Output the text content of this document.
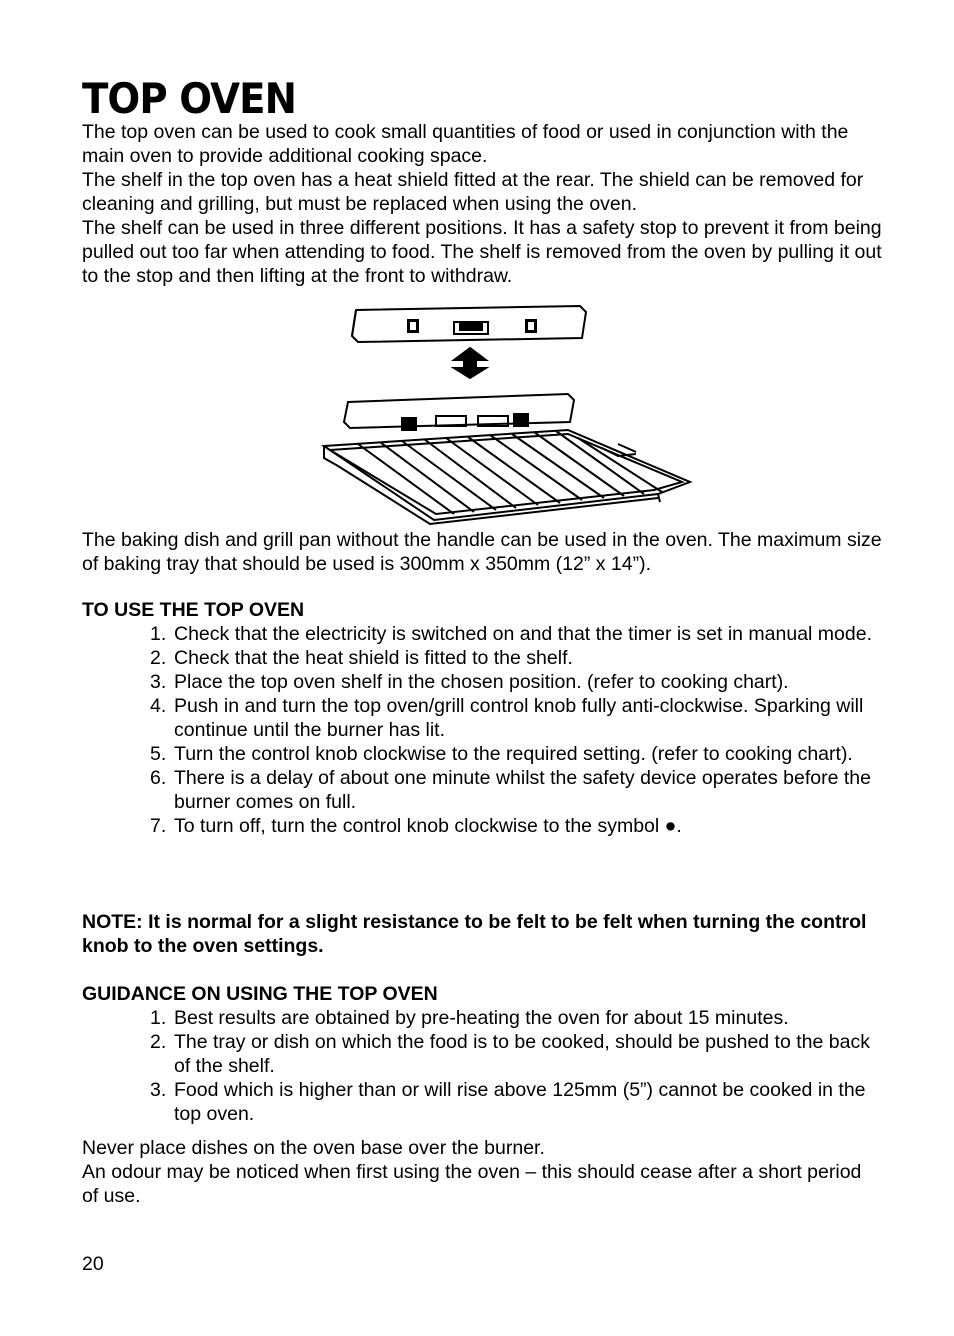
TOP OVEN

The top oven can be used to cook small quantities of food or used in conjunction with the main oven to provide additional cooking space.

The shelf in the top oven has a heat shield fitted at the rear. The shield can be removed for cleaning and grilling, but must be replaced when using the oven.

The shelf can be used in three different positions. It has a safety stop to prevent it from being pulled out too far when attending to food. The shelf is removed from the oven by pulling it out to the stop and then lifting at the front to withdraw.

The baking dish and grill pan without the handle can be used in the oven. The maximum size of baking tray that should be used is 300mm x 350mm (12” x 14”).

TO USE THE TOP OVEN
1. Check that the electricity is switched on and that the timer is set in manual mode.
2. Check that the heat shield is fitted to the shelf.
3. Place the top oven shelf in the chosen position. (refer to cooking chart).
4. Push in and turn the top oven/grill control knob fully anti-clockwise. Sparking will continue until the burner has lit.
5. Turn the control knob clockwise to the required setting. (refer to cooking chart).
6. There is a delay of about one minute whilst the safety device operates before the burner comes on full.
7. To turn off, turn the control knob clockwise to the symbol ●.

NOTE: It is normal for a slight resistance to be felt to be felt when turning the control knob to the oven settings.

GUIDANCE ON USING THE TOP OVEN
1. Best results are obtained by pre-heating the oven for about 15 minutes.
2. The tray or dish on which the food is to be cooked, should be pushed to the back of the shelf.
3. Food which is higher than or will rise above 125mm (5”) cannot be cooked in the top oven.

Never place dishes on the oven base over the burner.

An odour may be noticed when first using the oven – this should cease after a short period of use.

20
